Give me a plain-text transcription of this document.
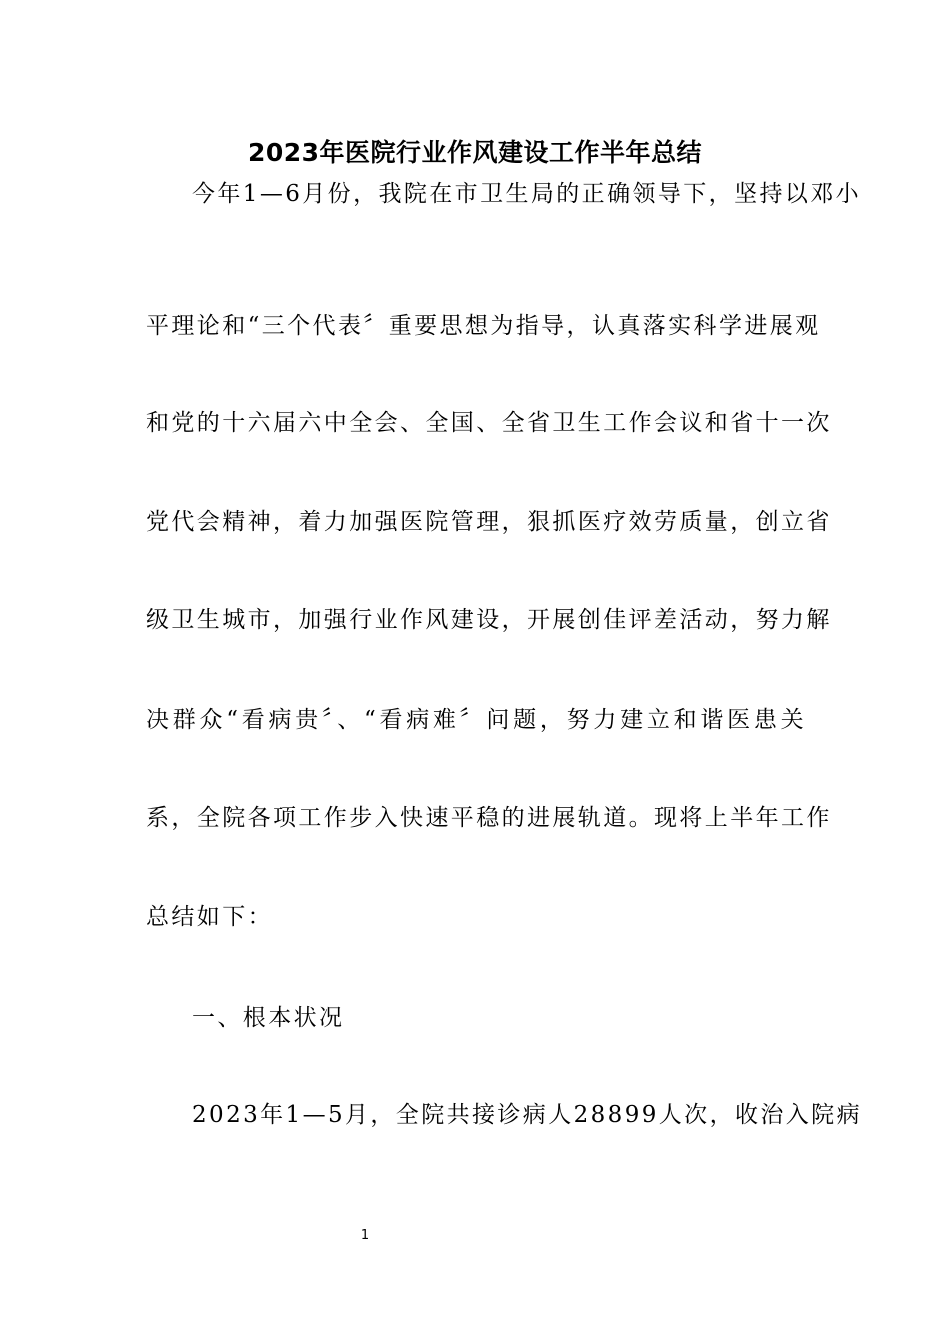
2023年医院行业作风建设工作半年总结
今年1—6月份，我院在市卫生局的正确领导下，坚持以邓小
平理论和“三个代表〞重要思想为指导，认真落实科学进展观
和党的十六届六中全会、全国、全省卫生工作会议和省十一次
党代会精神，着力加强医院管理，狠抓医疗效劳质量，创立省
级卫生城市，加强行业作风建设，开展创佳评差活动，努力解
决群众“看病贵〞、“看病难〞问题，努力建立和谐医患关
系，全院各项工作步入快速平稳的进展轨道。现将上半年工作
总结如下：
一、根本状况
2023年1—5月，全院共接诊病人28899人次，收治入院病
1
